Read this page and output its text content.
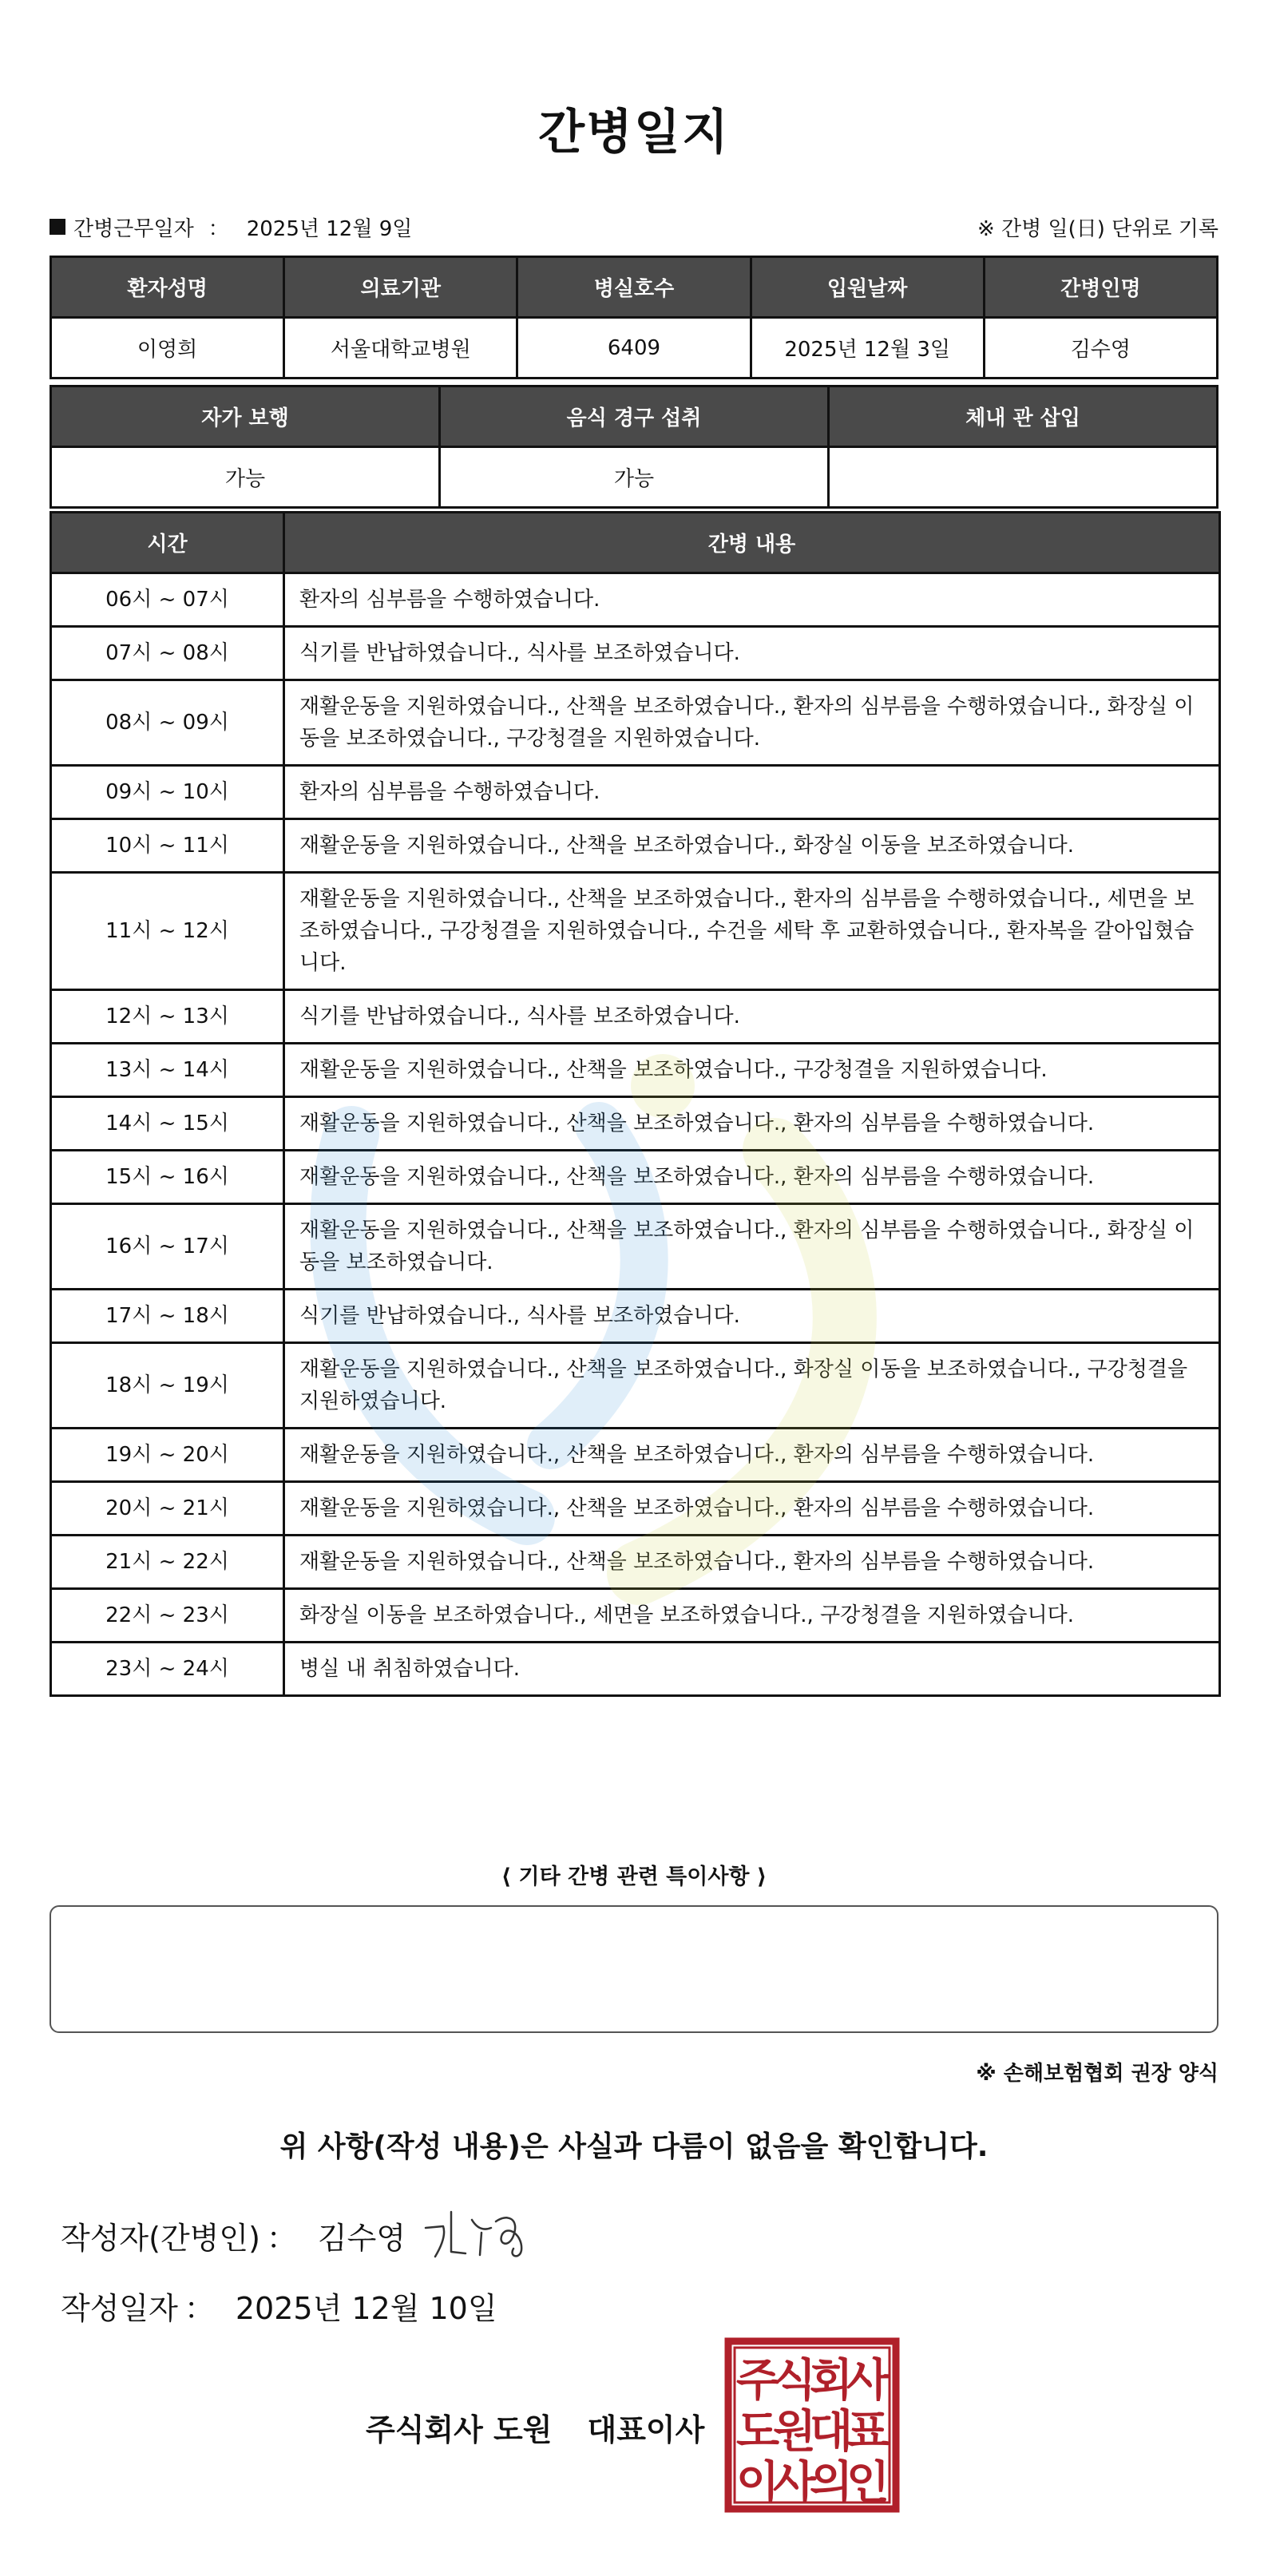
간병일지
간병근무일자 ： 2025년 12월 9일	※ 간병 일(日) 단위로 기록
환자성명	의료기관	병실호수	입원날짜	간병인명
이영희	서울대학교병원	6409	2025년 12월 3일	김수영
자가 보행	음식 경구 섭취	체내 관 삽입
가능	가능	
시간	간병 내용
06시 ~ 07시	환자의 심부름을 수행하였습니다.
07시 ~ 08시	식기를 반납하였습니다., 식사를 보조하였습니다.
08시 ~ 09시	재활운동을 지원하였습니다., 산책을 보조하였습니다., 환자의 심부름을 수행하였습니다., 화장실 이동을 보조하였습니다., 구강청결을 지원하였습니다.
09시 ~ 10시	환자의 심부름을 수행하였습니다.
10시 ~ 11시	재활운동을 지원하였습니다., 산책을 보조하였습니다., 화장실 이동을 보조하였습니다.
11시 ~ 12시	재활운동을 지원하였습니다., 산책을 보조하였습니다., 환자의 심부름을 수행하였습니다., 세면을 보조하였습니다., 구강청결을 지원하였습니다., 수건을 세탁 후 교환하였습니다., 환자복을 갈아입혔습니다.
12시 ~ 13시	식기를 반납하였습니다., 식사를 보조하였습니다.
13시 ~ 14시	재활운동을 지원하였습니다., 산책을 보조하였습니다., 구강청결을 지원하였습니다.
14시 ~ 15시	재활운동을 지원하였습니다., 산책을 보조하였습니다., 환자의 심부름을 수행하였습니다.
15시 ~ 16시	재활운동을 지원하였습니다., 산책을 보조하였습니다., 환자의 심부름을 수행하였습니다.
16시 ~ 17시	재활운동을 지원하였습니다., 산책을 보조하였습니다., 환자의 심부름을 수행하였습니다., 화장실 이동을 보조하였습니다.
17시 ~ 18시	식기를 반납하였습니다., 식사를 보조하였습니다.
18시 ~ 19시	재활운동을 지원하였습니다., 산책을 보조하였습니다., 화장실 이동을 보조하였습니다., 구강청결을 지원하였습니다.
19시 ~ 20시	재활운동을 지원하였습니다., 산책을 보조하였습니다., 환자의 심부름을 수행하였습니다.
20시 ~ 21시	재활운동을 지원하였습니다., 산책을 보조하였습니다., 환자의 심부름을 수행하였습니다.
21시 ~ 22시	재활운동을 지원하였습니다., 산책을 보조하였습니다., 환자의 심부름을 수행하였습니다.
22시 ~ 23시	화장실 이동을 보조하였습니다., 세면을 보조하였습니다., 구강청결을 지원하였습니다.
23시 ~ 24시	병실 내 취침하였습니다.
⟨ 기타 간병 관련 특이사항 ⟩
※ 손해보험협회 권장 양식
위 사항(작성 내용)은 사실과 다름이 없음을 확인합니다.
작성자(간병인) ： 김수영
작성일자 ： 2025년 12월 10일
주식회사 도원 대표이사
주
식
회
사
도
원
대
표
이
사
의
인
